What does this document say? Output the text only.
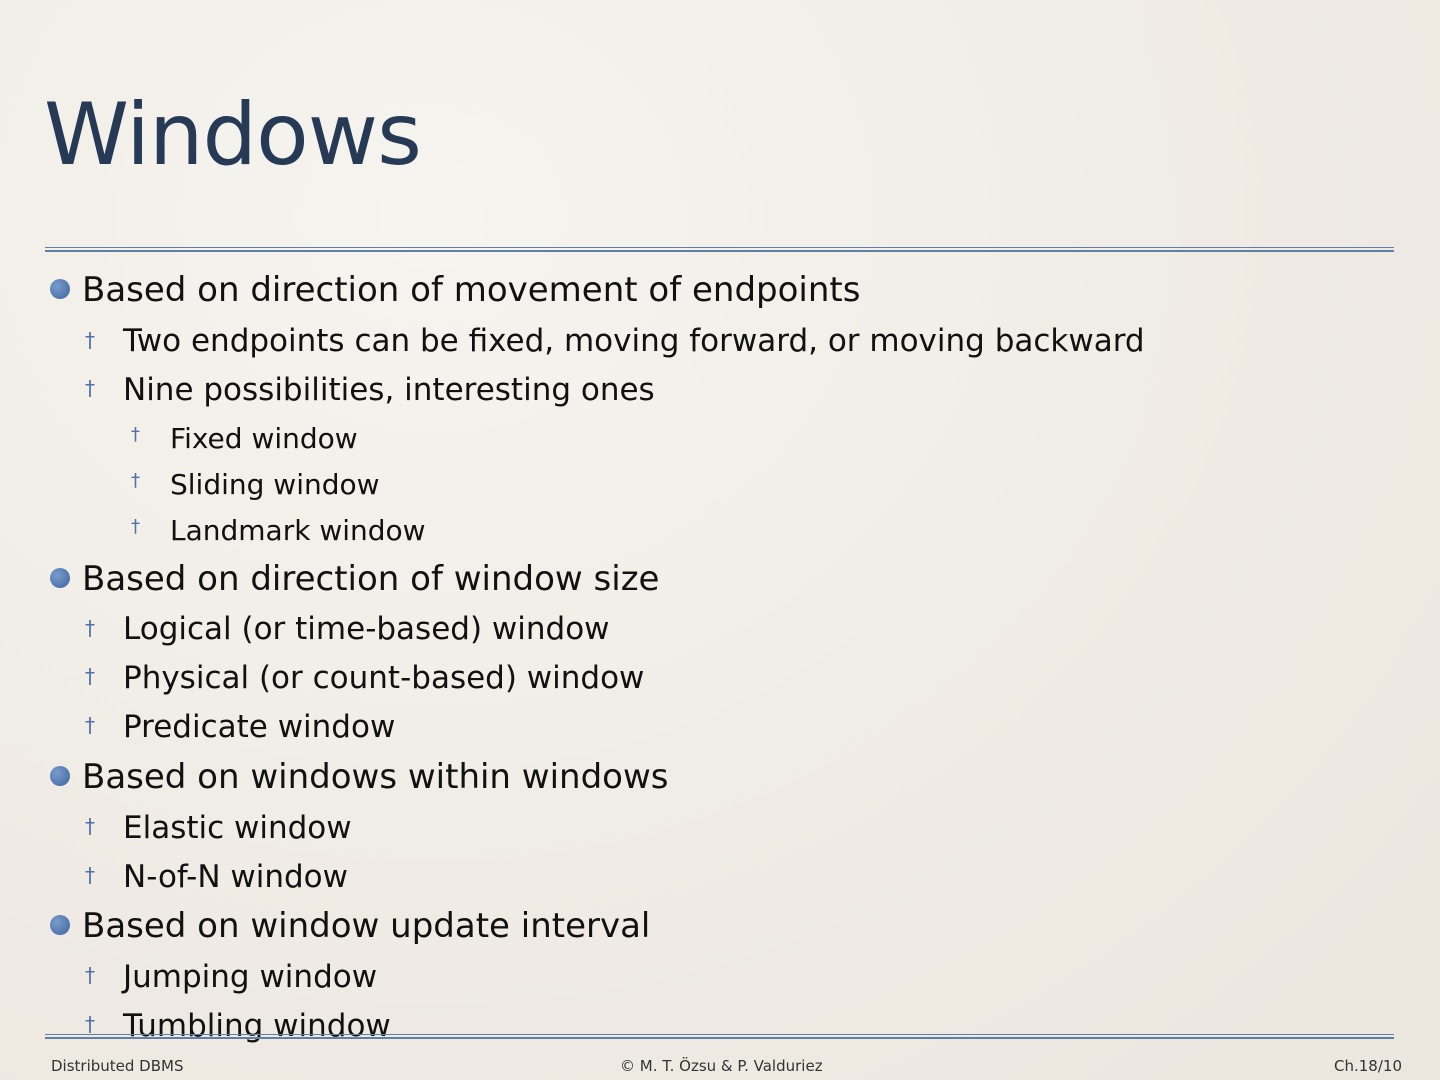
Windows
Based on direction of movement of endpoints
† Two endpoints can be fixed, moving forward, or moving backward
† Nine possibilities, interesting ones
† Fixed window
† Sliding window
† Landmark window
Based on direction of window size
† Logical (or time-based) window
† Physical (or count-based) window
† Predicate window
Based on windows within windows
† Elastic window
† N-of-N window
Based on window update interval
† Jumping window
† Tumbling window
Distributed DBMS	© M. T. Özsu & P. Valduriez	Ch.18/10
